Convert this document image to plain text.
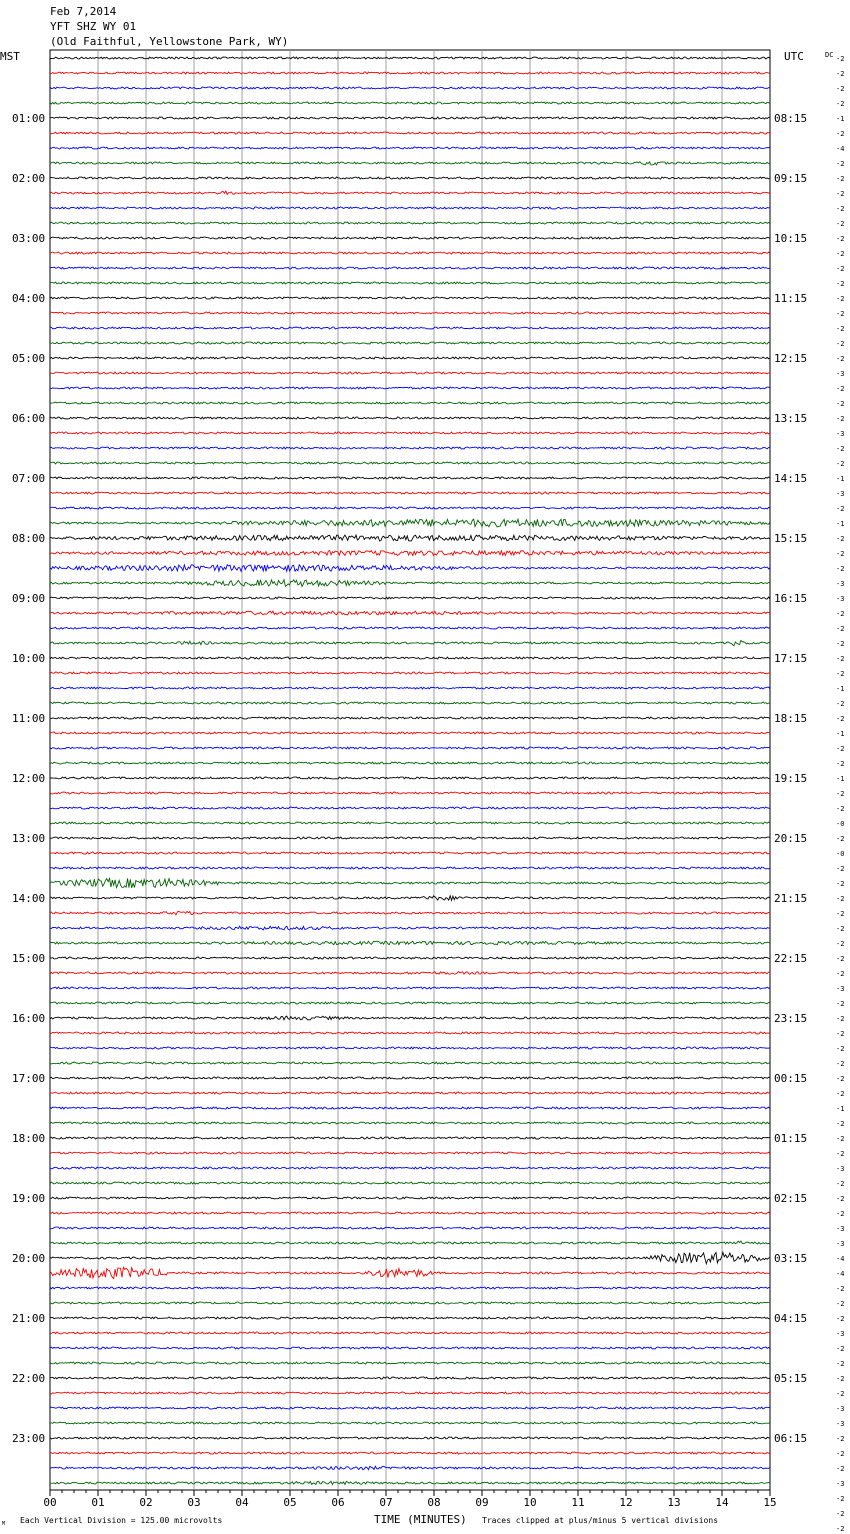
Feb 7,2014
YFT SHZ WY 01
(Old Faithful, Yellowstone Park, WY)
MST	UTC	DC
01:00
02:00
03:00
04:00
05:00
06:00
07:00
08:00
09:00
10:00
11:00
12:00
13:00
14:00
15:00
16:00
17:00
18:00
19:00
20:00
21:00
22:00
23:00
08:15
09:15
10:15
11:15
12:15
13:15
14:15
15:15
16:15
17:15
18:15
19:15
20:15
21:15
22:15
23:15
00:15
01:15
02:15
03:15
04:15
05:15
06:15
-2
-2
-2
-2
-1
-2
-4
-2
-2
-2
-2
-2
-2
-2
-2
-2
-2
-2
-2
-2
-2
-3
-2
-2
-2
-3
-2
-2
-1
-3
-2
-1
-2
-2
-2
-3
-3
-2
-2
-2
-2
-2
-1
-2
-2
-1
-2
-2
-1
-2
-2
-0
-2
-0
-2
-2
-2
-2
-2
-2
-2
-2
-3
-2
-2
-2
-2
-2
-2
-2
-1
-2
-2
-2
-3
-2
-2
-2
-3
-3
-4
-4
-2
-2
-2
-3
-2
-2
-2
-2
-3
-3
-2
-2
-2
-3
-2
-2
-2
00	01	02	03	04	05	06	07	08	09	10	11	12	13	14	15
M Each Vertical Division = 125.00 microvolts	TIME (MINUTES) Traces clipped at plus/minus 5 vertical divisions
